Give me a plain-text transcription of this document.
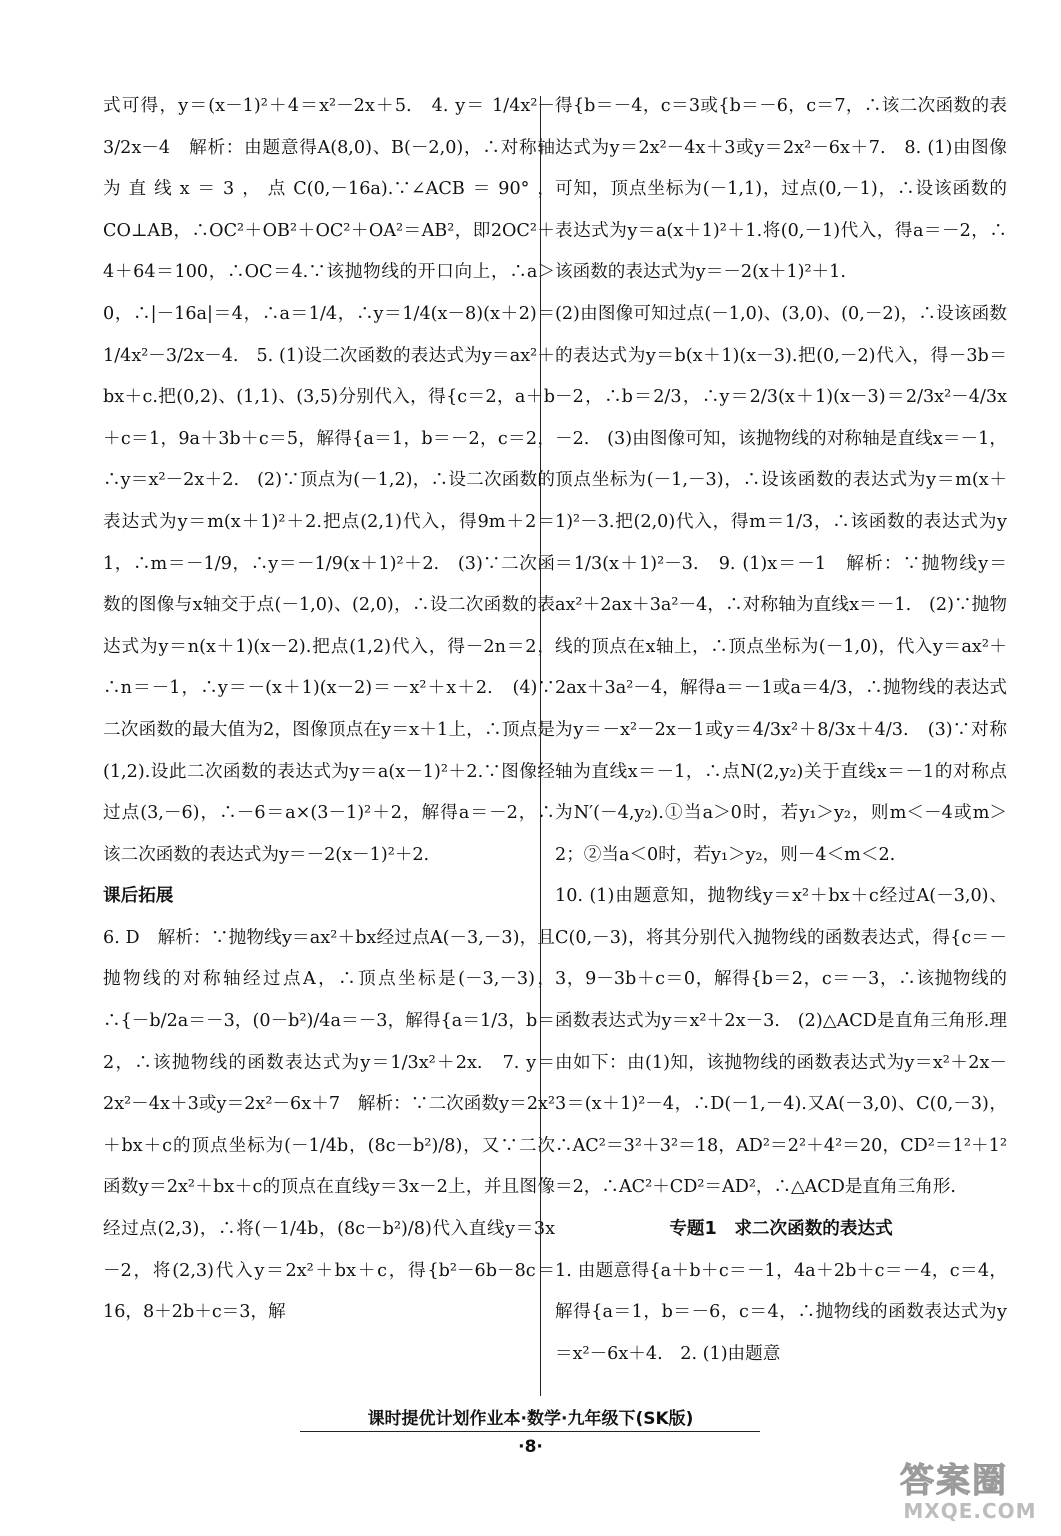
式可得，y＝(x－1)²＋4＝x²－2x＋5.　4. y＝ 1/4x²－3/2x－4　解析：由题意得A(8,0)、B(－2,0)，∴对称轴为直线x＝3，点C(0,－16a).∵∠ACB＝90°，CO⊥AB，∴OC²＋OB²＋OC²＋OA²＝AB²，即2OC²＋4＋64＝100，∴OC＝4.∵该抛物线的开口向上，∴a＞0，∴|－16a|＝4，∴a＝1/4，∴y＝1/4(x－8)(x＋2)＝1/4x²－3/2x－4.　5. (1)设二次函数的表达式为y＝ax²＋bx＋c.把(0,2)、(1,1)、(3,5)分别代入，得{c＝2，a＋b＋c＝1，9a＋3b＋c＝5，解得{a＝1，b＝－2，c＝2，∴y＝x²－2x＋2.　(2)∵顶点为(－1,2)，∴设二次函数的表达式为y＝m(x＋1)²＋2.把点(2,1)代入，得9m＋2＝1，∴m＝－1/9，∴y＝－1/9(x＋1)²＋2.　(3)∵二次函数的图像与x轴交于点(－1,0)、(2,0)，∴设二次函数的表达式为y＝n(x＋1)(x－2).把点(1,2)代入，得－2n＝2，∴n＝－1，∴y＝－(x＋1)(x－2)＝－x²＋x＋2.　(4)∵二次函数的最大值为2，图像顶点在y＝x＋1上，∴顶点是(1,2).设此二次函数的表达式为y＝a(x－1)²＋2.∵图像经过点(3,－6)，∴－6＝a×(3－1)²＋2，解得a＝－2，∴该二次函数的表达式为y＝－2(x－1)²＋2.

课后拓展

6. D　解析：∵抛物线y＝ax²＋bx经过点A(－3,－3)，且抛物线的对称轴经过点A，∴顶点坐标是(－3,－3)，∴{－b/2a＝－3，(0－b²)/4a＝－3，解得{a＝1/3，b＝2，∴该抛物线的函数表达式为y＝1/3x²＋2x.　7. y＝2x²－4x＋3或y＝2x²－6x＋7　解析：∵二次函数y＝2x²＋bx＋c的顶点坐标为(－1/4b，(8c－b²)/8)，又∵二次函数y＝2x²＋bx＋c的顶点在直线y＝3x－2上，并且图像经过点(2,3)，∴将(－1/4b，(8c－b²)/8)代入直线y＝3x－2，将(2,3)代入y＝2x²＋bx＋c，得{b²－6b－8c＝16，8＋2b＋c＝3，解

得{b＝－4，c＝3或{b＝－6，c＝7，∴该二次函数的表达式为y＝2x²－4x＋3或y＝2x²－6x＋7.　8. (1)由图像可知，顶点坐标为(－1,1)，过点(0,－1)，∴设该函数的表达式为y＝a(x＋1)²＋1.将(0,－1)代入，得a＝－2，∴该函数的表达式为y＝－2(x＋1)²＋1.

(2)由图像可知过点(－1,0)、(3,0)、(0,－2)，∴设该函数的表达式为y＝b(x＋1)(x－3).把(0,－2)代入，得－3b＝－2，∴b＝2/3，∴y＝2/3(x＋1)(x－3)＝2/3x²－4/3x－2.　(3)由图像可知，该抛物线的对称轴是直线x＝－1，顶点坐标为(－1,－3)，∴设该函数的表达式为y＝m(x＋1)²－3.把(2,0)代入，得m＝1/3，∴该函数的表达式为y＝1/3(x＋1)²－3.　9. (1)x＝－1　解析：∵抛物线y＝ax²＋2ax＋3a²－4，∴对称轴为直线x＝－1.　(2)∵抛物线的顶点在x轴上，∴顶点坐标为(－1,0)，代入y＝ax²＋2ax＋3a²－4，解得a＝－1或a＝4/3，∴抛物线的表达式为y＝－x²－2x－1或y＝4/3x²＋8/3x＋4/3.　(3)∵对称轴为直线x＝－1，∴点N(2,y₂)关于直线x＝－1的对称点为N′(－4,y₂).①当a＞0时，若y₁＞y₂，则m＜－4或m＞2；②当a＜0时，若y₁＞y₂，则－4＜m＜2.

10. (1)由题意知，抛物线y＝x²＋bx＋c经过A(－3,0)、C(0,－3)，将其分别代入抛物线的函数表达式，得{c＝－3，9－3b＋c＝0，解得{b＝2，c＝－3，∴该抛物线的函数表达式为y＝x²＋2x－3.　(2)△ACD是直角三角形.理由如下：由(1)知，该抛物线的函数表达式为y＝x²＋2x－3＝(x＋1)²－4，∴D(－1,－4).又A(－3,0)、C(0,－3)，∴AC²＝3²＋3²＝18，AD²＝2²＋4²＝20，CD²＝1²＋1²＝2，∴AC²＋CD²＝AD²，∴△ACD是直角三角形.

专题1　求二次函数的表达式

1. 由题意得{a＋b＋c＝－1，4a＋2b＋c＝－4，c＝4，解得{a＝1，b＝－6，c＝4，∴抛物线的函数表达式为y＝x²－6x＋4.　2. (1)由题意

课时提优计划作业本·数学·九年级下(SK版)
·8·
答案圈
MXQE.COM
